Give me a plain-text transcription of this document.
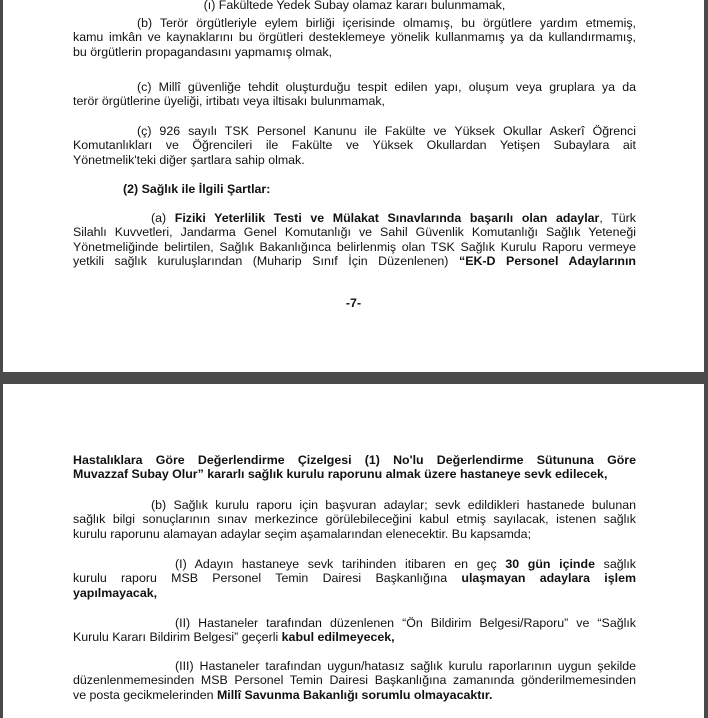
(ı) Fakültede Yedek Subay olamaz kararı bulunmamak,
(b) Terör örgütleriyle eylem birliği içerisinde olmamış, bu örgütlere yardım etmemiş,
kamu imkân ve kaynaklarını bu örgütleri desteklemeye yönelik kullanmamış ya da kullandırmamış,
bu örgütlerin propagandasını yapmamış olmak,
(c) Millî güvenliğe tehdit oluşturduğu tespit edilen yapı, oluşum veya gruplara ya da
terör örgütlerine üyeliği, irtibatı veya iltisakı bulunmamak,
(ç) 926 sayılı TSK Personel Kanunu ile Fakülte ve Yüksek Okullar Askerî Öğrenci
Komutanlıkları ve Öğrencileri ile Fakülte ve Yüksek Okullardan Yetişen Subaylara ait
Yönetmelik'teki diğer şartlara sahip olmak.
(2) Sağlık ile İlgili Şartlar:
(a) Fiziki Yeterlilik Testi ve Mülakat Sınavlarında başarılı olan adaylar, Türk
Silahlı Kuvvetleri, Jandarma Genel Komutanlığı ve Sahil Güvenlik Komutanlığı Sağlık Yeteneği
Yönetmeliğinde belirtilen, Sağlık Bakanlığınca belirlenmiş olan TSK Sağlık Kurulu Raporu vermeye
yetkili sağlık kuruluşlarından (Muharip Sınıf İçin Düzenlenen) “EK-D Personel Adaylarının
-7-
Hastalıklara Göre Değerlendirme Çizelgesi (1) No'lu Değerlendirme Sütununa Göre
Muvazzaf Subay Olur” kararlı sağlık kurulu raporunu almak üzere hastaneye sevk edilecek,
(b) Sağlık kurulu raporu için başvuran adaylar; sevk edildikleri hastanede bulunan
sağlık bilgi sonuçlarının sınav merkezince görülebileceğini kabul etmiş sayılacak, istenen sağlık
kurulu raporunu alamayan adaylar seçim aşamalarından elenecektir. Bu kapsamda;
(I) Adayın hastaneye sevk tarihinden itibaren en geç 30 gün içinde sağlık
kurulu raporu MSB Personel Temin Dairesi Başkanlığına ulaşmayan adaylara işlem
yapılmayacak,
(II) Hastaneler tarafından düzenlenen “Ön Bildirim Belgesi/Raporu” ve “Sağlık
Kurulu Kararı Bildirim Belgesi” geçerli kabul edilmeyecek,
(III) Hastaneler tarafından uygun/hatasız sağlık kurulu raporlarının uygun şekilde
düzenlenmemesinden MSB Personel Temin Dairesi Başkanlığına zamanında gönderilmemesinden
ve posta gecikmelerinden Millî Savunma Bakanlığı sorumlu olmayacaktır.
